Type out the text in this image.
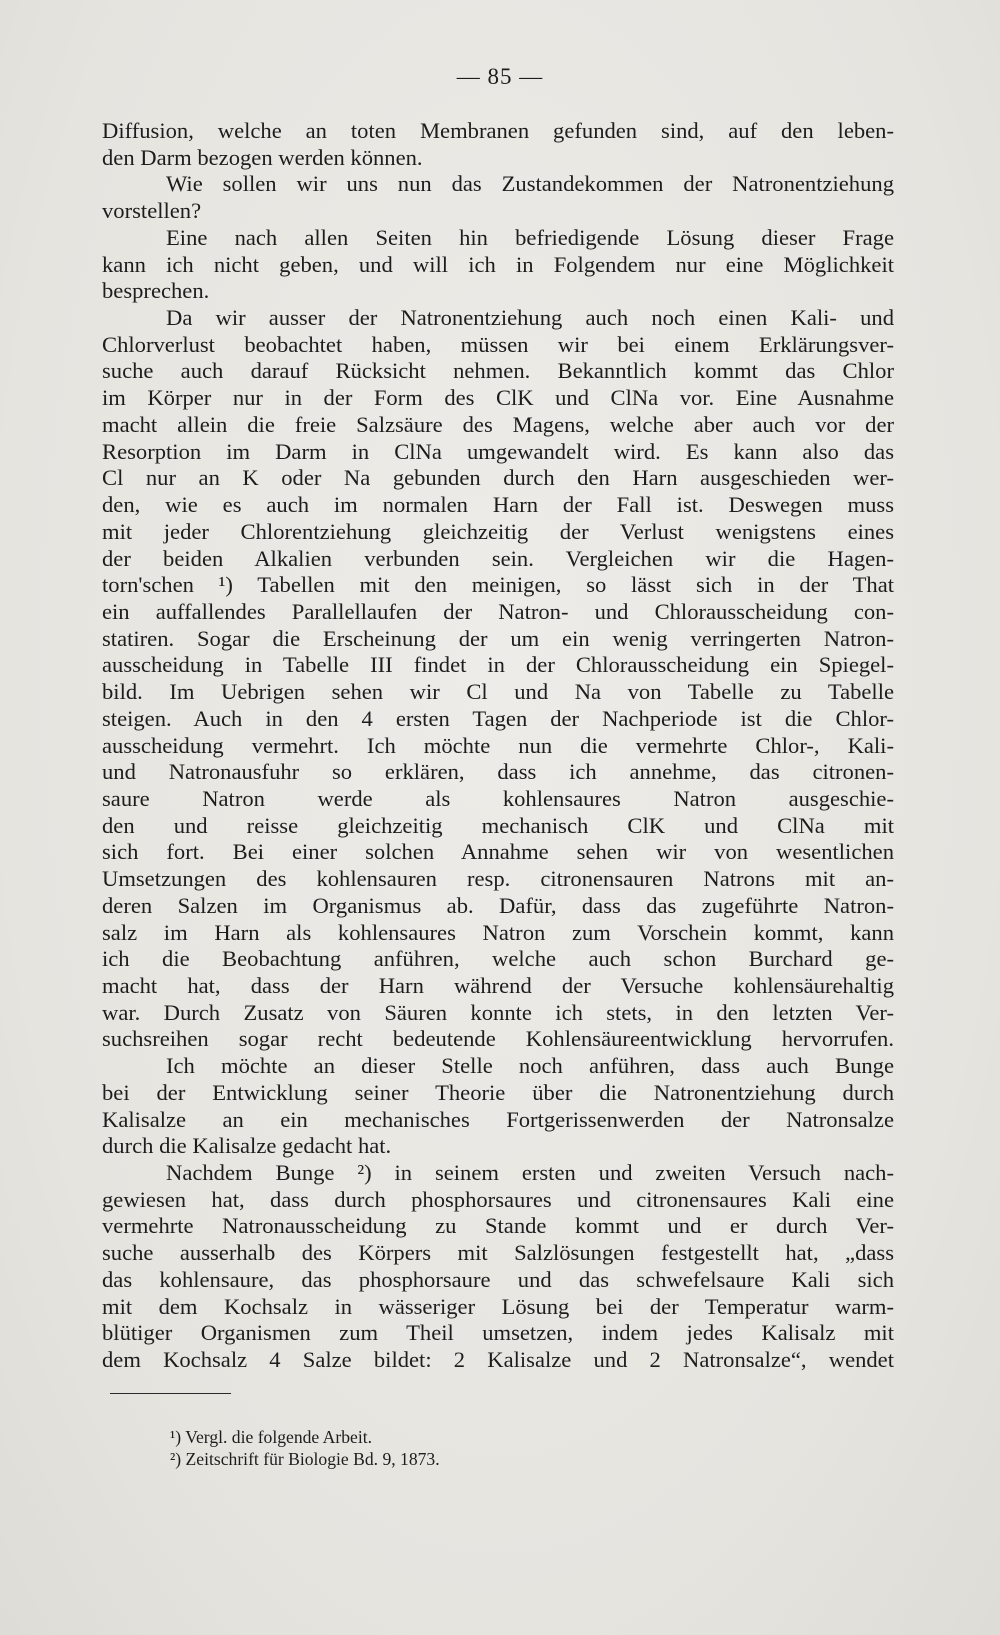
— 85 —

Diffusion, welche an toten Membranen gefunden sind, auf den leben-

den Darm bezogen werden können.

Wie sollen wir uns nun das Zustandekommen der Natronentziehung

vorstellen?

Eine nach allen Seiten hin befriedigende Lösung dieser Frage

kann ich nicht geben, und will ich in Folgendem nur eine Möglichkeit

besprechen.

Da wir ausser der Natronentziehung auch noch einen Kali- und

Chlorverlust beobachtet haben, müssen wir bei einem Erklärungsver-

suche auch darauf Rücksicht nehmen. Bekanntlich kommt das Chlor

im Körper nur in der Form des ClK und ClNa vor. Eine Ausnahme

macht allein die freie Salzsäure des Magens, welche aber auch vor der

Resorption im Darm in ClNa umgewandelt wird. Es kann also das

Cl nur an K oder Na gebunden durch den Harn ausgeschieden wer-

den, wie es auch im normalen Harn der Fall ist. Deswegen muss

mit jeder Chlorentziehung gleichzeitig der Verlust wenigstens eines

der beiden Alkalien verbunden sein. Vergleichen wir die Hagen-

torn'schen ¹) Tabellen mit den meinigen, so lässt sich in der That

ein auffallendes Parallellaufen der Natron- und Chlorausscheidung con-

statiren. Sogar die Erscheinung der um ein wenig verringerten Natron-

ausscheidung in Tabelle III findet in der Chlorausscheidung ein Spiegel-

bild. Im Uebrigen sehen wir Cl und Na von Tabelle zu Tabelle

steigen. Auch in den 4 ersten Tagen der Nachperiode ist die Chlor-

ausscheidung vermehrt. Ich möchte nun die vermehrte Chlor-, Kali-

und Natronausfuhr so erklären, dass ich annehme, das citronen-

saure Natron werde als kohlensaures Natron ausgeschie-

den und reisse gleichzeitig mechanisch ClK und ClNa mit

sich fort. Bei einer solchen Annahme sehen wir von wesentlichen

Umsetzungen des kohlensauren resp. citronensauren Natrons mit an-

deren Salzen im Organismus ab. Dafür, dass das zugeführte Natron-

salz im Harn als kohlensaures Natron zum Vorschein kommt, kann

ich die Beobachtung anführen, welche auch schon Burchard ge-

macht hat, dass der Harn während der Versuche kohlensäurehaltig

war. Durch Zusatz von Säuren konnte ich stets, in den letzten Ver-

suchsreihen sogar recht bedeutende Kohlensäureentwicklung hervorrufen.

Ich möchte an dieser Stelle noch anführen, dass auch Bunge

bei der Entwicklung seiner Theorie über die Natronentziehung durch

Kalisalze an ein mechanisches Fortgerissenwerden der Natronsalze

durch die Kalisalze gedacht hat.

Nachdem Bunge ²) in seinem ersten und zweiten Versuch nach-

gewiesen hat, dass durch phosphorsaures und citronensaures Kali eine

vermehrte Natronausscheidung zu Stande kommt und er durch Ver-

suche ausserhalb des Körpers mit Salzlösungen festgestellt hat, „dass

das kohlensaure, das phosphorsaure und das schwefelsaure Kali sich

mit dem Kochsalz in wässeriger Lösung bei der Temperatur warm-

blütiger Organismen zum Theil umsetzen, indem jedes Kalisalz mit

dem Kochsalz 4 Salze bildet: 2 Kalisalze und 2 Natronsalze“, wendet

¹) Vergl. die folgende Arbeit.
²) Zeitschrift für Biologie Bd. 9, 1873.
